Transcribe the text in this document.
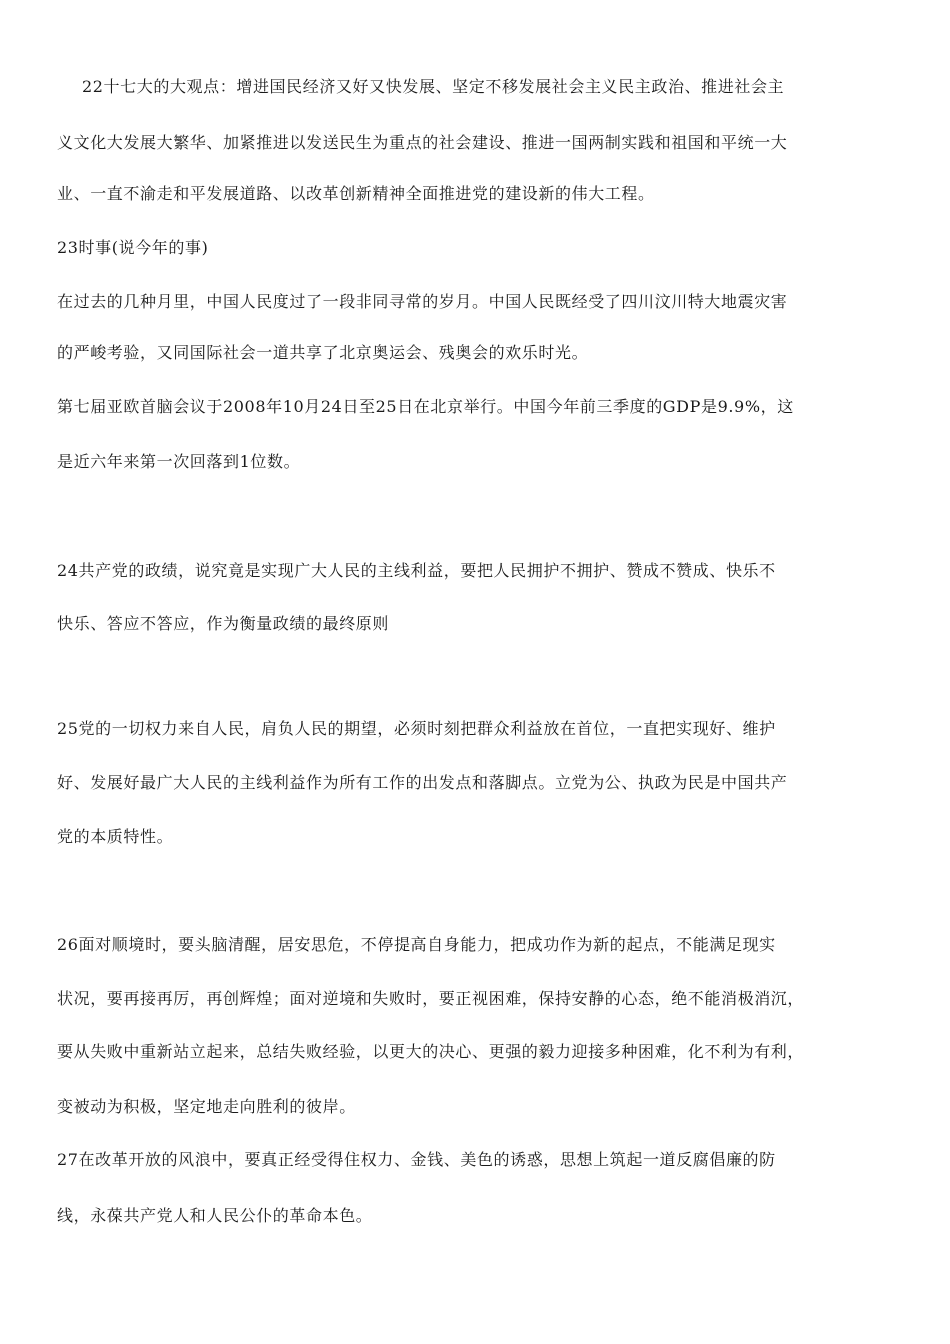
22十七大的大观点：增进国民经济又好又快发展、坚定不移发展社会主义民主政治、推进社会主
义文化大发展大繁华、加紧推进以发送民生为重点的社会建设、推进一国两制实践和祖国和平统一大
业、一直不渝走和平发展道路、以改革创新精神全面推进党的建设新的伟大工程。
23时事(说今年的事)
在过去的几种月里，中国人民度过了一段非同寻常的岁月。中国人民既经受了四川汶川特大地震灾害
的严峻考验，又同国际社会一道共享了北京奥运会、残奥会的欢乐时光。
第七届亚欧首脑会议于2008年10月24日至25日在北京举行。中国今年前三季度的GDP是9.9%，这
是近六年来第一次回落到1位数。
24共产党的政绩，说究竟是实现广大人民的主线利益，要把人民拥护不拥护、赞成不赞成、快乐不
快乐、答应不答应，作为衡量政绩的最终原则
25党的一切权力来自人民，肩负人民的期望，必须时刻把群众利益放在首位，一直把实现好、维护
好、发展好最广大人民的主线利益作为所有工作的出发点和落脚点。立党为公、执政为民是中国共产
党的本质特性。
26面对顺境时，要头脑清醒，居安思危，不停提高自身能力，把成功作为新的起点，不能满足现实
状况，要再接再厉，再创辉煌；面对逆境和失败时，要正视困难，保持安静的心态，绝不能消极消沉，
要从失败中重新站立起来，总结失败经验，以更大的决心、更强的毅力迎接多种困难，化不利为有利，
变被动为积极，坚定地走向胜利的彼岸。
27在改革开放的风浪中，要真正经受得住权力、金钱、美色的诱惑，思想上筑起一道反腐倡廉的防
线，永葆共产党人和人民公仆的革命本色。
